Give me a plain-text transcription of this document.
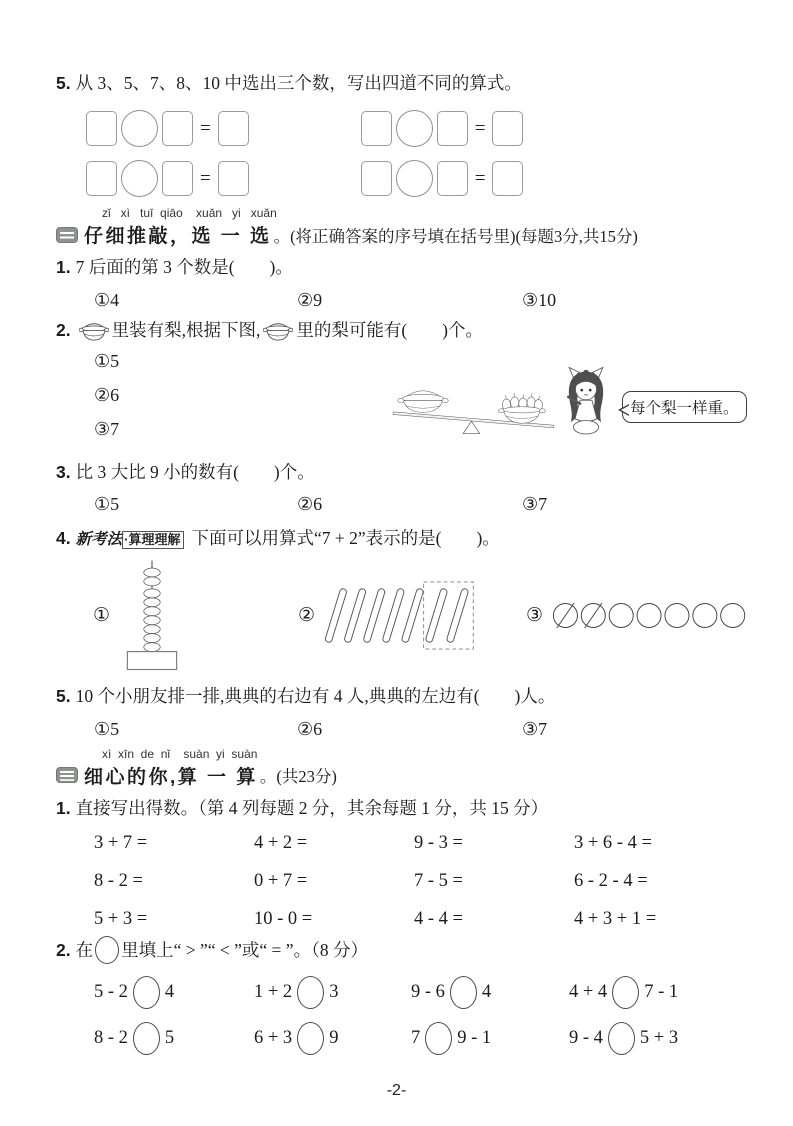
5. 从 3、5、7、8、10 中选出三个数，写出四道不同的算式。
=	=
=	=
zǐ   xì   tuī  qiāo    xuǎn   yi   xuǎn
仔细推敲，选 一 选 。(将正确答案的序号填在括号里)(每题3分,共15分)
1. 7 后面的第 3 个数是(　　)。
①4	②9	③10
2. 里装有梨,根据下图, 里的梨可能有(　　)个。
①5
②6
③7
每个梨一样重。
3. 比 3 大比 9 小的数有(　　)个。
①5	②6	③7
4. 新考法 ·算理理解 下面可以用算式“7 + 2”表示的是(　　)。
①	②	③
5. 10 个小朋友排一排,典典的右边有 4 人,典典的左边有(　　)人。
①5	②6	③7
xì  xīn  de  nǐ    suàn  yi  suàn
细心的你,算 一 算 。(共23分)
1. 直接写出得数。（第 4 列每题 2 分，其余每题 1 分，共 15 分）
3 + 7 =	4 + 2 =	9 - 3 =	3 + 6 - 4 =
8 - 2 =	0 + 7 =	7 - 5 =	6 - 2 - 4 =
5 + 3 =	10 - 0 =	4 - 4 =	4 + 3 + 1 =
2. 在 里填上“ > ”“ < ”或“ = ”。（8 分）
5 - 2 4	1 + 2 3	9 - 6 4	4 + 4 7 - 1
8 - 2 5	6 + 3 9	7 9 - 1	9 - 4 5 + 3
-2-
